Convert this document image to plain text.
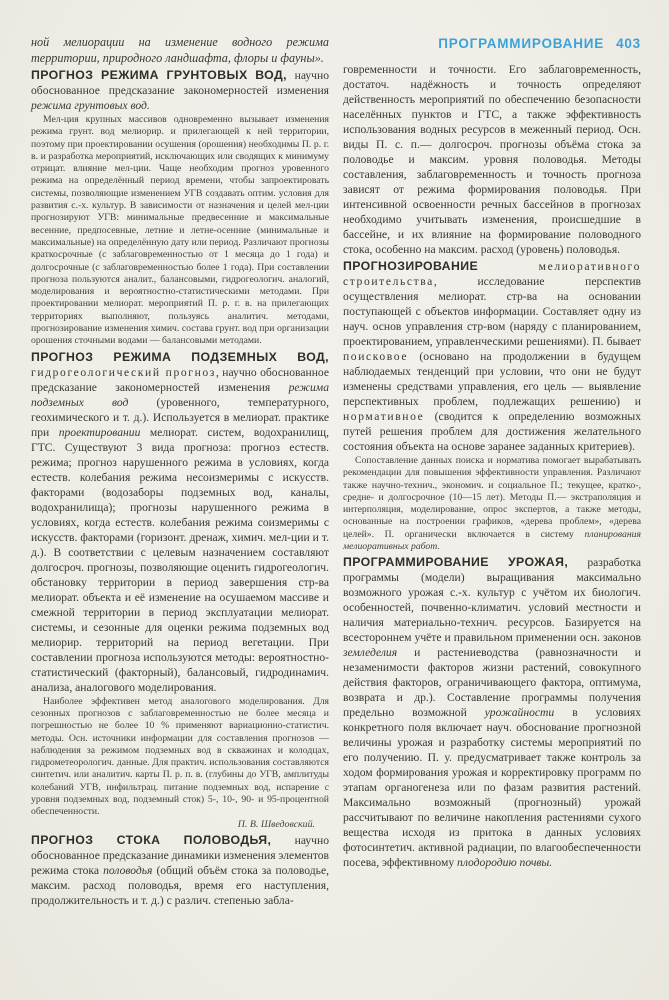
ной мелиорации на изменение водного режима территории, природного ландшафта, флоры и фауны».

ПРОГНОЗ РЕЖИМА ГРУНТОВЫХ ВОД, научно обоснованное предсказание закономерностей изменения режима грунтовых вод.

Мел-ция крупных массивов одновременно вызывает изменения режима грунт. вод мелиорир. и прилегающей к ней территории, поэтому при проектировании осушения (орошения) необходимы П. р. г. в. и разработка мероприятий, исключающих или сводящих к минимуму отрицат. влияние мел-ции. Чаще необходим прогноз уровенного режима на определённый период времени, чтобы запроектировать системы, позволяющие изменением УГВ создавать оптим. условия для развития с.-х. культур. В зависимости от назначения и целей мел-ции прогнозируют УГВ: минимальные предвесенние и максимальные весенние, предпосевные, летние и летне-осенние (минимальные и максимальные) на определённую дату или период. Различают прогнозы краткосрочные (с заблаговременностью от 1 месяца до 1 года) и долгосрочные (с заблаговременностью более 1 года). При составлении прогноза пользуются аналит., балансовыми, гидрогеологич. аналогий, моделирования и вероятностно-статистическими методами. При проектировании мелиорат. мероприятий П. р. г. в. на прилегающих территориях выполняют, пользуясь аналитич. методами, прогнозирование изменения химич. состава грунт. вод при организации орошения сточными водами — балансовыми методами.

ПРОГНОЗ РЕЖИМА ПОДЗЕМНЫХ ВОД, гидрогеологический прогноз, научно обоснованное предсказание закономерностей изменения режима подземных вод (уровенного, температурного, геохимического и т. д.). Используется в мелиорат. практике при проектировании мелиорат. систем, водохранилищ, ГТС. Существуют 3 вида прогноза: прогноз естеств. режима; прогноз нарушенного режима в условиях, когда естеств. колебания режима несоизмеримы с искусств. факторами (водозаборы подземных вод, каналы, водохранилища); прогнозы нарушенного режима в условиях, когда естеств. колебания режима соизмеримы с искусств. факторами (горизонт. дренаж, химич. мел-ции и т. д.). В соответствии с целевым назначением составляют долгосроч. прогнозы, позволяющие оценить гидрогеологич. обстановку территории в период завершения стр-ва мелиорат. объекта и её изменение на осушаемом массиве и смежной территории в период эксплуатации мелиорат. системы, и сезонные для оценки режима подземных вод мелиорир. территорий на период вегетации. При составлении прогноза используются методы: вероятностно-статистический (факторный), балансовый, гидродинамич. анализа, аналогового моделирования.

Наиболее эффективен метод аналогового моделирования. Для сезонных прогнозов с заблаговременностью не более месяца и погрешностью не более 10 % применяют вариационно-статистич. методы. Осн. источники информации для составления прогнозов — наблюдения за режимом подземных вод в скважинах и колодцах, гидрометеорологич. данные. Для практич. использования составляются синтетич. или аналитич. карты П. р. п. в. (глубины до УГВ, амплитуды колебаний УГВ, инфильтрац. питание подземных вод, испарение с уровня подземных вод, подземный сток) 5-, 10-, 90- и 95-процентной обеспеченности.

П. В. Шведовский.

ПРОГНОЗ СТОКА ПОЛОВОДЬЯ, научно обоснованное предсказание динамики изменения элементов режима стока половодья (общий объём стока за половодье, максим. расход половодья, время его наступления, продолжительность и т. д.) с различ. степенью забла-

ПРОГРАММИРОВАНИЕ 403

говременности и точности. Его заблаговременность, достаточ. надёжность и точность определяют действенность мероприятий по обеспечению безопасности населённых пунктов и ГТС, а также эффективность использования водных ресурсов в меженный период. Осн. виды П. с. п.— долгосроч. прогнозы объёма стока за половодье и максим. уровня половодья. Методы составления, заблаговременность и точность прогноза зависят от режима формирования половодья. При интенсивной освоенности речных бассейнов в прогнозах необходимо учитывать изменения, происшедшие в бассейне, и их влияние на формирование половодного стока, особенно на максим. расход (уровень) половодья.

ПРОГНОЗИРОВАНИЕ мелиоративного строительства, исследование перспектив осуществления мелиорат. стр-ва на основании поступающей с объектов информации. Составляет одну из науч. основ управления стр-вом (наряду с планированием, проектированием, управленческими решениями). П. бывает поисковое (основано на продолжении в будущем наблюдаемых тенденций при условии, что они не будут изменены средствами управления, его цель — выявление перспективных проблем, подлежащих решению) и нормативное (сводится к определению возможных путей решения проблем для достижения желательного состояния объекта на основе заранее заданных критериев).

Сопоставление данных поиска и норматива помогает вырабатывать рекомендации для повышения эффективности управления. Различают также научно-технич., экономич. и социальное П.; текущее, кратко-, средне- и долгосрочное (10—15 лет). Методы П.— экстраполяция и интерполяция, моделирование, опрос экспертов, а также методы, основанные на построении графиков, «дерева проблем», «дерева целей». П. органически включается в систему планирования мелиоративных работ.

ПРОГРАММИРОВАНИЕ УРОЖАЯ, разработка программы (модели) выращивания максимально возможного урожая с.-х. культур с учётом их биологич. особенностей, почвенно-климатич. условий местности и наличия материально-технич. ресурсов. Базируется на всестороннем учёте и правильном применении осн. законов земледелия и растениеводства (равнозначности и незаменимости факторов жизни растений, совокупного действия факторов, ограничивающего фактора, оптимума, возврата и др.). Составление программы получения предельно возможной урожайности в условиях конкретного поля включает науч. обоснование прогнозной величины урожая и разработку системы мероприятий по его получению. П. у. предусматривает также контроль за ходом формирования урожая и корректировку программ по этапам органогенеза или по фазам развития растений. Максимально возможный (прогнозный) урожай рассчитывают по величине накопления растениями сухого вещества исходя из притока в данных условиях фотосинтетич. активной радиации, по влагообеспеченности посева, эффективному плодородию почвы.
